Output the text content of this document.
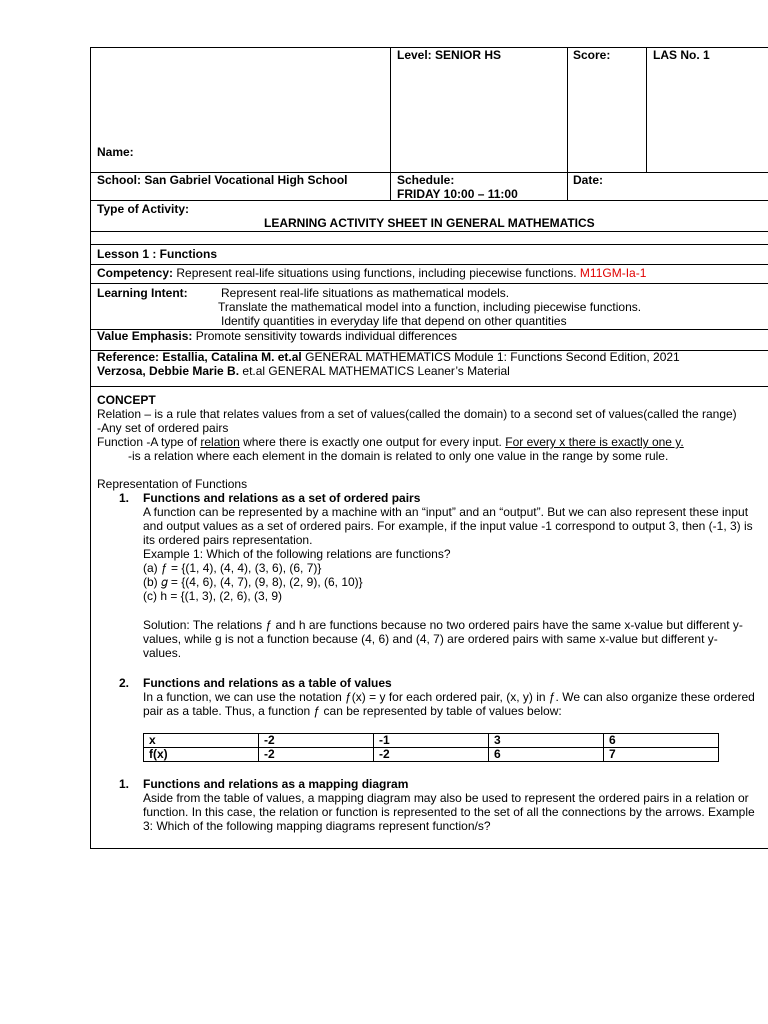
Name:
Level: SENIOR HS	Score:	LAS No. 1
School: San Gabriel Vocational High School	Schedule:
FRIDAY 10:00 – 11:00
Date:
Type of Activity:
LEARNING ACTIVITY SHEET IN GENERAL MATHEMATICS
Lesson 1 : Functions
Competency: Represent real-life situations using functions, including piecewise functions. M11GM-Ia-1
Learning Intent:	Represent real-life situations as mathematical models.
Translate the mathematical model into a function, including piecewise functions.
Identify quantities in everyday life that depend on other quantities
Value Emphasis: Promote sensitivity towards individual differences
Reference: Estallia, Catalina M. et.al GENERAL MATHEMATICS Module 1: Functions Second Edition, 2021
Verzosa, Debbie Marie B. et.al GENERAL MATHEMATICS Leaner’s Material
CONCEPT
Relation – is a rule that relates values from a set of values(called the domain) to a second set of values(called the range)
-Any set of ordered pairs
Function -A type of relation where there is exactly one output for every input. For every x there is exactly one y.
-is a relation where each element in the domain is related to only one value in the range by some rule.
Representation of Functions
1. Functions and relations as a set of ordered pairs
A function can be represented by a machine with an “input” and an “output”. But we can also represent these input
and output values as a set of ordered pairs. For example, if the input value -1 correspond to output 3, then (-1, 3) is
its ordered pairs representation.
Example 1: Which of the following relations are functions?
(a) ƒ = {(1, 4), (4, 4), (3, 6), (6, 7)}
(b) 𝑔 = {(4, 6), (4, 7), (9, 8), (2, 9), (6, 10)}
(c) h = {(1, 3), (2, 6), (3, 9)
Solution: The relations ƒ and h are functions because no two ordered pairs have the same x-value but different y-
values, while g is not a function because (4, 6) and (4, 7) are ordered pairs with same x-value but different y-
values.
2. Functions and relations as a table of values
In a function, we can use the notation ƒ(x) = y for each ordered pair, (x, y) in ƒ. We can also organize these ordered
pair as a table. Thus, a function ƒ can be represented by table of values below:
x	-2	-1	3	6
f(x)	-2	-2	6	7
1. Functions and relations as a mapping diagram
Aside from the table of values, a mapping diagram may also be used to represent the ordered pairs in a relation or
function. In this case, the relation or function is represented to the set of all the connections by the arrows. Example
3: Which of the following mapping diagrams represent function/s?
